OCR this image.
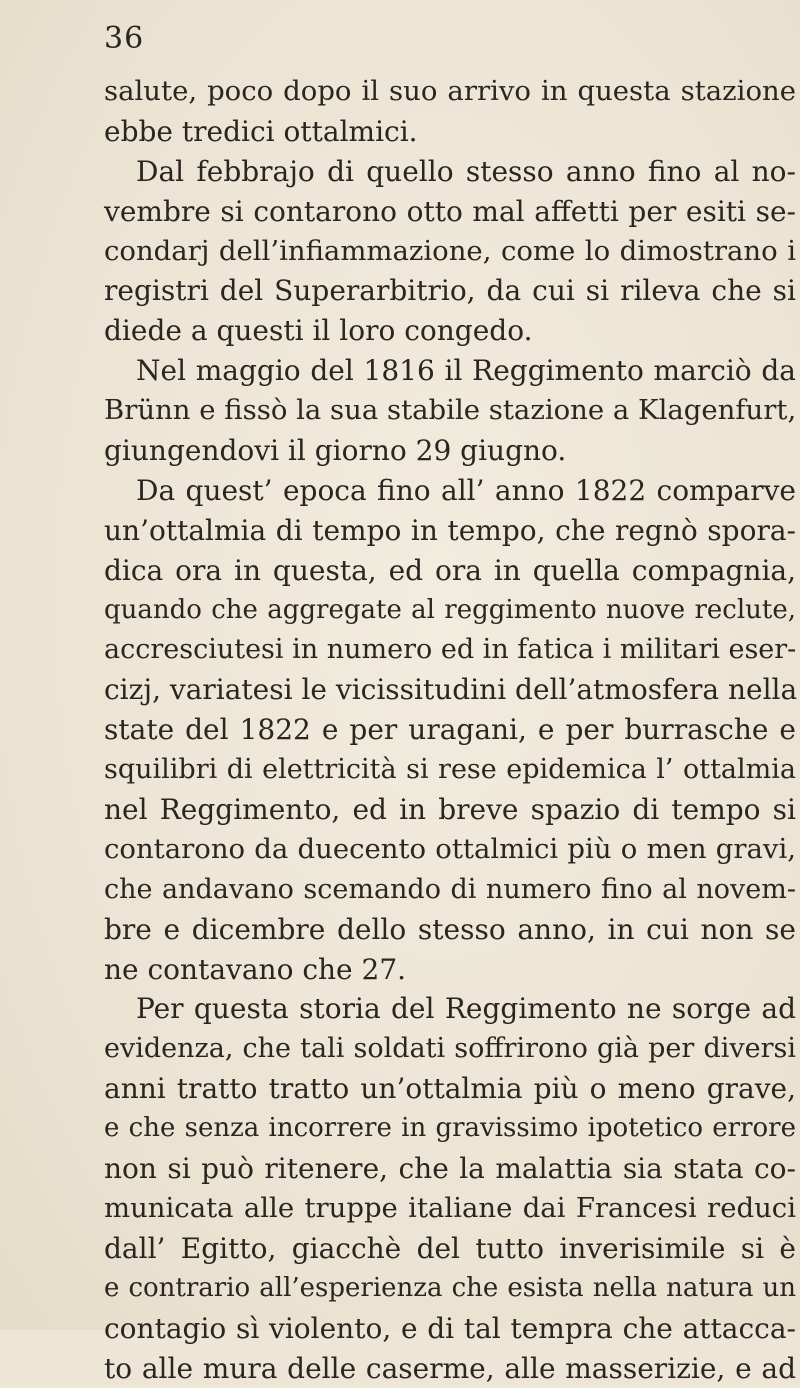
36
salute, poco dopo il suo arrivo in questa stazione
ebbe tredici ottalmici.
Dal febbrajo di quello stesso anno fino al no-
vembre si contarono otto mal affetti per esiti se-
condarj dell’infiammazione, come lo dimostrano i
registri del Superarbitrio, da cui si rileva che si
diede a questi il loro congedo.
Nel maggio del 1816 il Reggimento marciò da
Brünn e fissò la sua stabile stazione a Klagenfurt,
giungendovi il giorno 29 giugno.
Da quest’ epoca fino all’ anno 1822 comparve
un’ottalmia di tempo in tempo, che regnò spora-
dica ora in questa, ed ora in quella compagnia,
quando che aggregate al reggimento nuove reclute,
accresciutesi in numero ed in fatica i militari eser-
cizj, variatesi le vicissitudini dell’atmosfera nella
state del 1822 e per uragani, e per burrasche e
squilibri di elettricità si rese epidemica l’ ottalmia
nel Reggimento, ed in breve spazio di tempo si
contarono da duecento ottalmici più o men gravi,
che andavano scemando di numero fino al novem-
bre e dicembre dello stesso anno, in cui non se
ne contavano che 27.
Per questa storia del Reggimento ne sorge ad
evidenza, che tali soldati soffrirono già per diversi
anni tratto tratto un’ottalmia più o meno grave,
e che senza incorrere in gravissimo ipotetico errore
non si può ritenere, che la malattia sia stata co-
municata alle truppe italiane dai Francesi reduci
dall’ Egitto, giacchè del tutto inverisimile si è
e contrario all’esperienza che esista nella natura un
contagio sì violento, e di tal tempra che attacca-
to alle mura delle caserme, alle masserizie, e ad
